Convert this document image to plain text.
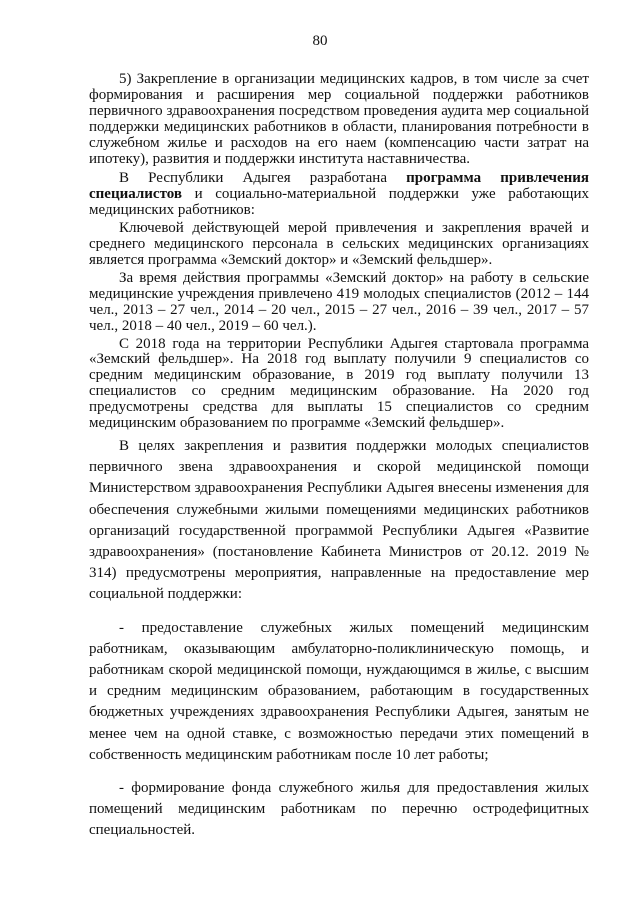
80

5) Закрепление в организации медицинских кадров, в том числе за счет формирования и расширения мер социальной поддержки работников первичного здравоохранения посредством проведения аудита мер социальной поддержки медицинских работников в области, планирования потребности в служебном жилье и расходов на его наем (компенсацию части затрат на ипотеку), развития и поддержки института наставничества.

В Республики Адыгея разработана программа привлечения специалистов и социально-материальной поддержки уже работающих медицинских работников:

Ключевой действующей мерой привлечения и закрепления врачей и среднего медицинского персонала в сельских медицинских организациях является программа «Земский доктор» и «Земский фельдшер».

За время действия программы «Земский доктор» на работу в сельские медицинские учреждения привлечено 419 молодых специалистов (2012 – 144 чел., 2013 – 27 чел., 2014 – 20 чел., 2015 – 27 чел., 2016 – 39 чел., 2017 – 57 чел., 2018 – 40 чел., 2019 – 60 чел.).

С 2018 года на территории Республики Адыгея стартовала программа «Земский фельдшер». На 2018 год выплату получили 9 специалистов со средним медицинским образование, в 2019 год выплату получили 13 специалистов со средним медицинским образование. На 2020 год предусмотрены средства для выплаты 15 специалистов со средним медицинским образованием по программе «Земский фельдшер».

В целях закрепления и развития поддержки молодых специалистов первичного звена здравоохранения и скорой медицинской помощи Министерством здравоохранения Республики Адыгея внесены изменения для обеспечения служебными жилыми помещениями медицинских работников организаций государственной программой Республики Адыгея «Развитие здравоохранения» (постановление Кабинета Министров от 20.12. 2019 № 314) предусмотрены мероприятия, направленные на предоставление мер социальной поддержки:

- предоставление служебных жилых помещений медицинским работникам, оказывающим амбулаторно-поликлиническую помощь, и работникам скорой медицинской помощи, нуждающимся в жилье, с высшим и средним медицинским образованием, работающим в государственных бюджетных учреждениях здравоохранения Республики Адыгея, занятым не менее чем на одной ставке, с возможностью передачи этих помещений в собственность медицинским работникам после 10 лет работы;

- формирование фонда служебного жилья для предоставления жилых помещений медицинским работникам по перечню остродефицитных специальностей.
